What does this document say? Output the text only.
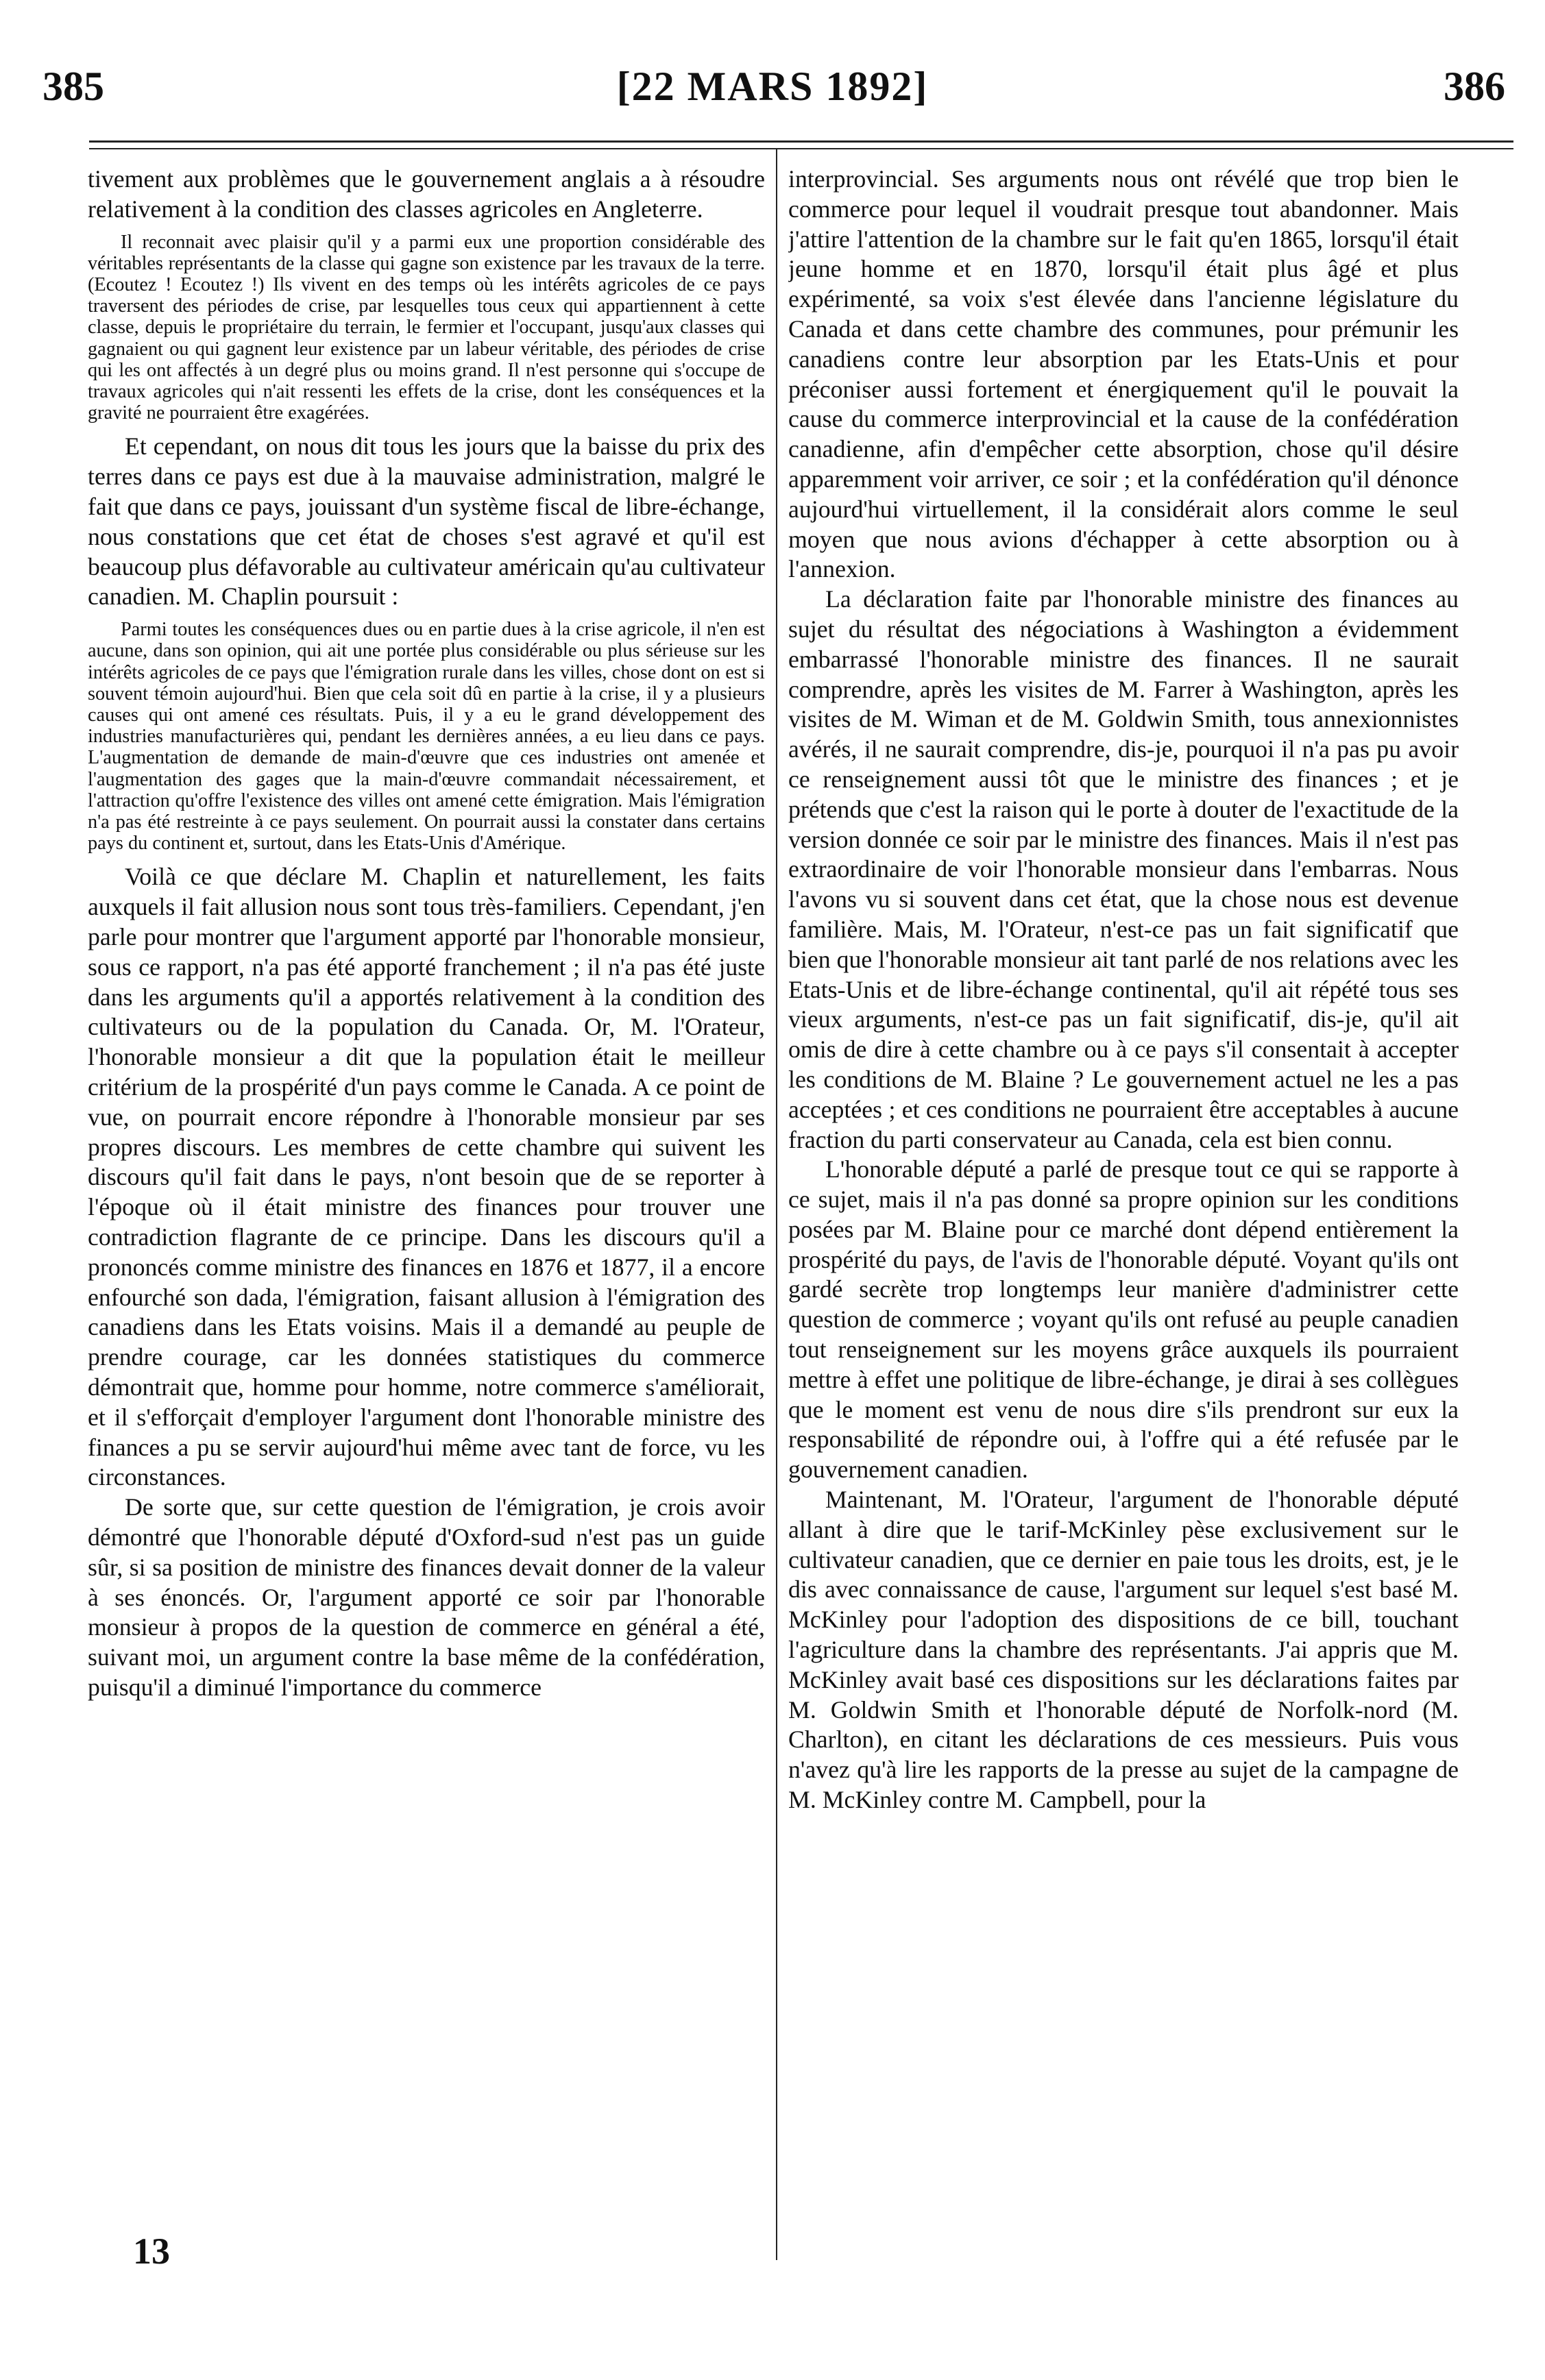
385	[22 MARS 1892]	386

tivement aux problèmes que le gouvernement anglais a à résoudre relativement à la condition des classes agricoles en Angleterre.

Il reconnait avec plaisir qu'il y a parmi eux une proportion considérable des véritables représentants de la classe qui gagne son existence par les travaux de la terre. (Ecoutez ! Ecoutez !) Ils vivent en des temps où les intérêts agricoles de ce pays traversent des périodes de crise, par lesquelles tous ceux qui appartiennent à cette classe, depuis le propriétaire du terrain, le fermier et l'occupant, jusqu'aux classes qui gagnaient ou qui gagnent leur existence par un labeur véritable, des périodes de crise qui les ont affectés à un degré plus ou moins grand. Il n'est personne qui s'occupe de travaux agricoles qui n'ait ressenti les effets de la crise, dont les conséquences et la gravité ne pourraient être exagérées.

Et cependant, on nous dit tous les jours que la baisse du prix des terres dans ce pays est due à la mauvaise administration, malgré le fait que dans ce pays, jouissant d'un système fiscal de libre-échange, nous constations que cet état de choses s'est agravé et qu'il est beaucoup plus défavorable au cultivateur américain qu'au cultivateur canadien. M. Chaplin poursuit :

Parmi toutes les conséquences dues ou en partie dues à la crise agricole, il n'en est aucune, dans son opinion, qui ait une portée plus considérable ou plus sérieuse sur les intérêts agricoles de ce pays que l'émigration rurale dans les villes, chose dont on est si souvent témoin aujourd'hui. Bien que cela soit dû en partie à la crise, il y a plusieurs causes qui ont amené ces résultats. Puis, il y a eu le grand développement des industries manufacturières qui, pendant les dernières années, a eu lieu dans ce pays. L'augmentation de demande de main-d'œuvre que ces industries ont amenée et l'augmentation des gages que la main-d'œuvre commandait nécessairement, et l'attraction qu'offre l'existence des villes ont amené cette émigration. Mais l'émigration n'a pas été restreinte à ce pays seulement. On pourrait aussi la constater dans certains pays du continent et, surtout, dans les Etats-Unis d'Amérique.

Voilà ce que déclare M. Chaplin et naturellement, les faits auxquels il fait allusion nous sont tous très-familiers. Cependant, j'en parle pour montrer que l'argument apporté par l'honorable monsieur, sous ce rapport, n'a pas été apporté franchement ; il n'a pas été juste dans les arguments qu'il a apportés relativement à la condition des cultivateurs ou de la population du Canada. Or, M. l'Orateur, l'honorable monsieur a dit que la population était le meilleur critérium de la prospérité d'un pays comme le Canada. A ce point de vue, on pourrait encore répondre à l'honorable monsieur par ses propres discours. Les membres de cette chambre qui suivent les discours qu'il fait dans le pays, n'ont besoin que de se reporter à l'époque où il était ministre des finances pour trouver une contradiction flagrante de ce principe. Dans les discours qu'il a prononcés comme ministre des finances en 1876 et 1877, il a encore enfourché son dada, l'émigration, faisant allusion à l'émigration des canadiens dans les Etats voisins. Mais il a demandé au peuple de prendre courage, car les données statistiques du commerce démontrait que, homme pour homme, notre commerce s'améliorait, et il s'efforçait d'employer l'argument dont l'honorable ministre des finances a pu se servir aujourd'hui même avec tant de force, vu les circonstances.

De sorte que, sur cette question de l'émigration, je crois avoir démontré que l'honorable député d'Oxford-sud n'est pas un guide sûr, si sa position de ministre des finances devait donner de la valeur à ses énoncés. Or, l'argument apporté ce soir par l'honorable monsieur à propos de la question de commerce en général a été, suivant moi, un argument contre la base même de la confédération, puisqu'il a diminué l'importance du commerce

interprovincial. Ses arguments nous ont révélé que trop bien le commerce pour lequel il voudrait presque tout abandonner. Mais j'attire l'attention de la chambre sur le fait qu'en 1865, lorsqu'il était jeune homme et en 1870, lorsqu'il était plus âgé et plus expérimenté, sa voix s'est élevée dans l'ancienne législature du Canada et dans cette chambre des communes, pour prémunir les canadiens contre leur absorption par les Etats-Unis et pour préconiser aussi fortement et énergiquement qu'il le pouvait la cause du commerce interprovincial et la cause de la confédération canadienne, afin d'empêcher cette absorption, chose qu'il désire apparemment voir arriver, ce soir ; et la confédération qu'il dénonce aujourd'hui virtuellement, il la considérait alors comme le seul moyen que nous avions d'échapper à cette absorption ou à l'annexion.

La déclaration faite par l'honorable ministre des finances au sujet du résultat des négociations à Washington a évidemment embarrassé l'honorable ministre des finances. Il ne saurait comprendre, après les visites de M. Farrer à Washington, après les visites de M. Wiman et de M. Goldwin Smith, tous annexionnistes avérés, il ne saurait comprendre, dis-je, pourquoi il n'a pas pu avoir ce renseignement aussi tôt que le ministre des finances ; et je prétends que c'est la raison qui le porte à douter de l'exactitude de la version donnée ce soir par le ministre des finances. Mais il n'est pas extraordinaire de voir l'honorable monsieur dans l'embarras. Nous l'avons vu si souvent dans cet état, que la chose nous est devenue familière. Mais, M. l'Orateur, n'est-ce pas un fait significatif que bien que l'honorable monsieur ait tant parlé de nos relations avec les Etats-Unis et de libre-échange continental, qu'il ait répété tous ses vieux arguments, n'est-ce pas un fait significatif, dis-je, qu'il ait omis de dire à cette chambre ou à ce pays s'il consentait à accepter les conditions de M. Blaine ? Le gouvernement actuel ne les a pas acceptées ; et ces conditions ne pourraient être acceptables à aucune fraction du parti conservateur au Canada, cela est bien connu.

L'honorable député a parlé de presque tout ce qui se rapporte à ce sujet, mais il n'a pas donné sa propre opinion sur les conditions posées par M. Blaine pour ce marché dont dépend entièrement la prospérité du pays, de l'avis de l'honorable député. Voyant qu'ils ont gardé secrète trop longtemps leur manière d'administrer cette question de commerce ; voyant qu'ils ont refusé au peuple canadien tout renseignement sur les moyens grâce auxquels ils pourraient mettre à effet une politique de libre-échange, je dirai à ses collègues que le moment est venu de nous dire s'ils prendront sur eux la responsabilité de répondre oui, à l'offre qui a été refusée par le gouvernement canadien.

Maintenant, M. l'Orateur, l'argument de l'honorable député allant à dire que le tarif-McKinley pèse exclusivement sur le cultivateur canadien, que ce dernier en paie tous les droits, est, je le dis avec connaissance de cause, l'argument sur lequel s'est basé M. McKinley pour l'adoption des dispositions de ce bill, touchant l'agriculture dans la chambre des représentants. J'ai appris que M. McKinley avait basé ces dispositions sur les déclarations faites par M. Goldwin Smith et l'honorable député de Norfolk-nord (M. Charlton), en citant les déclarations de ces messieurs. Puis vous n'avez qu'à lire les rapports de la presse au sujet de la campagne de M. McKinley contre M. Campbell, pour la

13
